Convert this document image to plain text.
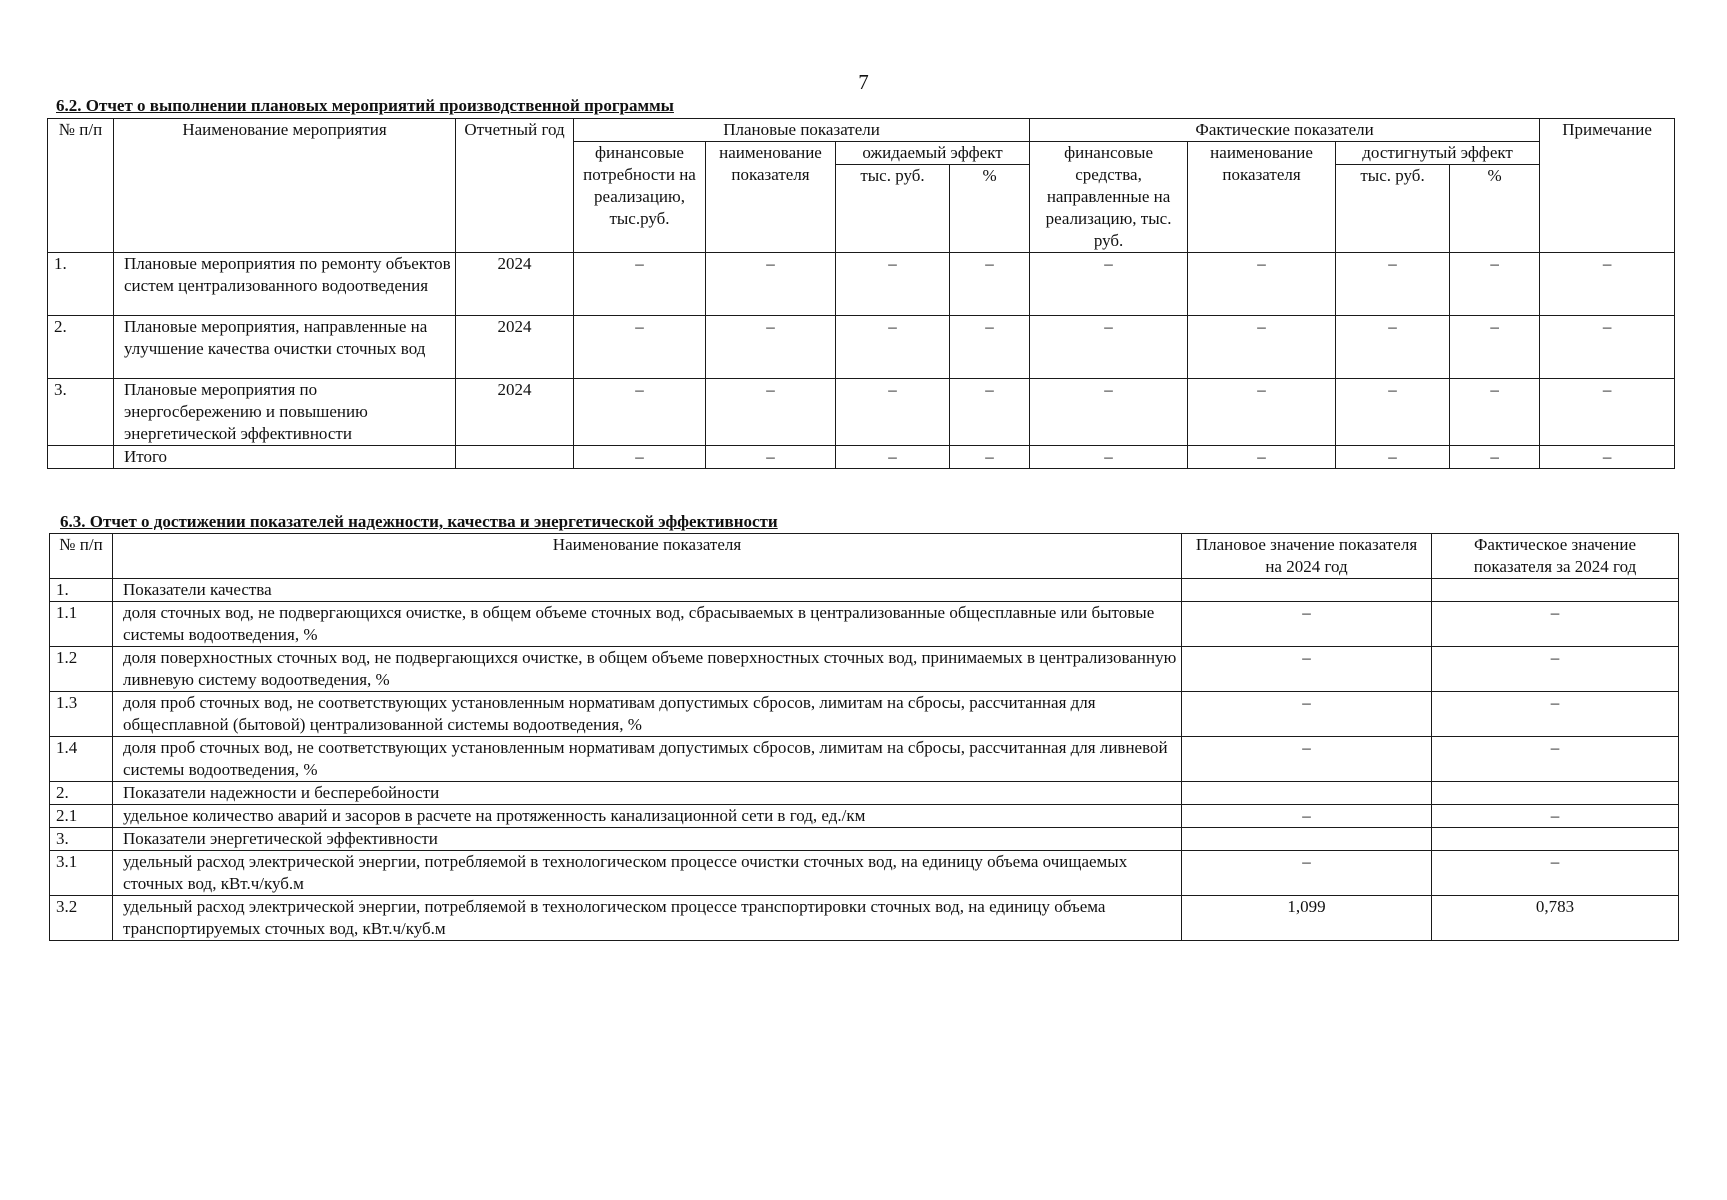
7
6.2. Отчет о выполнении плановых мероприятий производственной программы
№ п/п	Наименование мероприятия	Отчетный год	Плановые показатели				Фактические показатели				Примечание
			финансовые потребности на реализацию, тыс.руб.	наименование показателя	ожидаемый эффект		финансовые средства, направленные на реализацию, тыс. руб.	наименование показателя	достигнутый эффект		
					тыс. руб.	%			тыс. руб.	%	
1.	Плановые мероприятия по ремонту объектов систем централизованного водоотведения	2024	–	–	–	–	–	–	–	–	–
2.	Плановые мероприятия, направленные на улучшение качества очистки сточных вод	2024	–	–	–	–	–	–	–	–	–
3.	Плановые мероприятия по энергосбережению и повышению энергетической эффективности	2024	–	–	–	–	–	–	–	–	–
	Итого		–	–	–	–	–	–	–	–	–
6.3. Отчет о достижении показателей надежности, качества и энергетической эффективности
№ п/п	Наименование показателя	Плановое значение показателя на 2024 год	Фактическое значение показателя за 2024 год
1.	Показатели качества		
1.1	доля сточных вод, не подвергающихся очистке, в общем объеме сточных вод, сбрасываемых в централизованные общесплавные или бытовые системы водоотведения, %	–	–
1.2	доля поверхностных сточных вод, не подвергающихся очистке, в общем объеме поверхностных сточных вод, принимаемых в централизованную ливневую систему водоотведения, %	–	–
1.3	доля проб сточных вод, не соответствующих установленным нормативам допустимых сбросов, лимитам на сбросы, рассчитанная для общесплавной (бытовой) централизованной системы водоотведения, %	–	–
1.4	доля проб сточных вод, не соответствующих установленным нормативам допустимых сбросов, лимитам на сбросы, рассчитанная для ливневой системы водоотведения, %	–	–
2.	Показатели надежности и бесперебойности		
2.1	удельное количество аварий и засоров в расчете на протяженность канализационной сети в год, ед./км	–	–
3.	Показатели энергетической эффективности		
3.1	удельный расход электрической энергии, потребляемой в технологическом процессе очистки сточных вод, на единицу объема очищаемых сточных вод, кВт.ч/куб.м	–	–
3.2	удельный расход электрической энергии, потребляемой в технологическом процессе транспортировки сточных вод, на единицу объема транспортируемых сточных вод, кВт.ч/куб.м	1,099	0,783
